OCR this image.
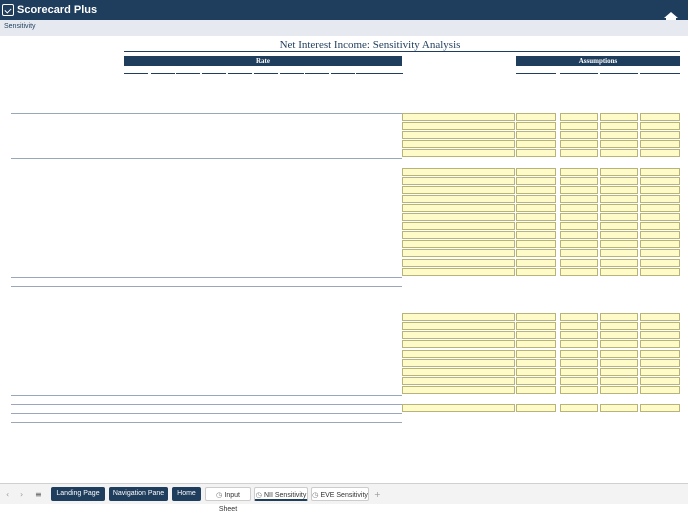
Scorecard Plus
Sensitivity
Net Interest Income: Sensitivity Analysis
Rate	Assumptions
‹ › ≡	Landing Page	Navigation Pane	Home	◷ Input Sheet
◷ NII Sensitivity ◷ EVE Sensitivity +
